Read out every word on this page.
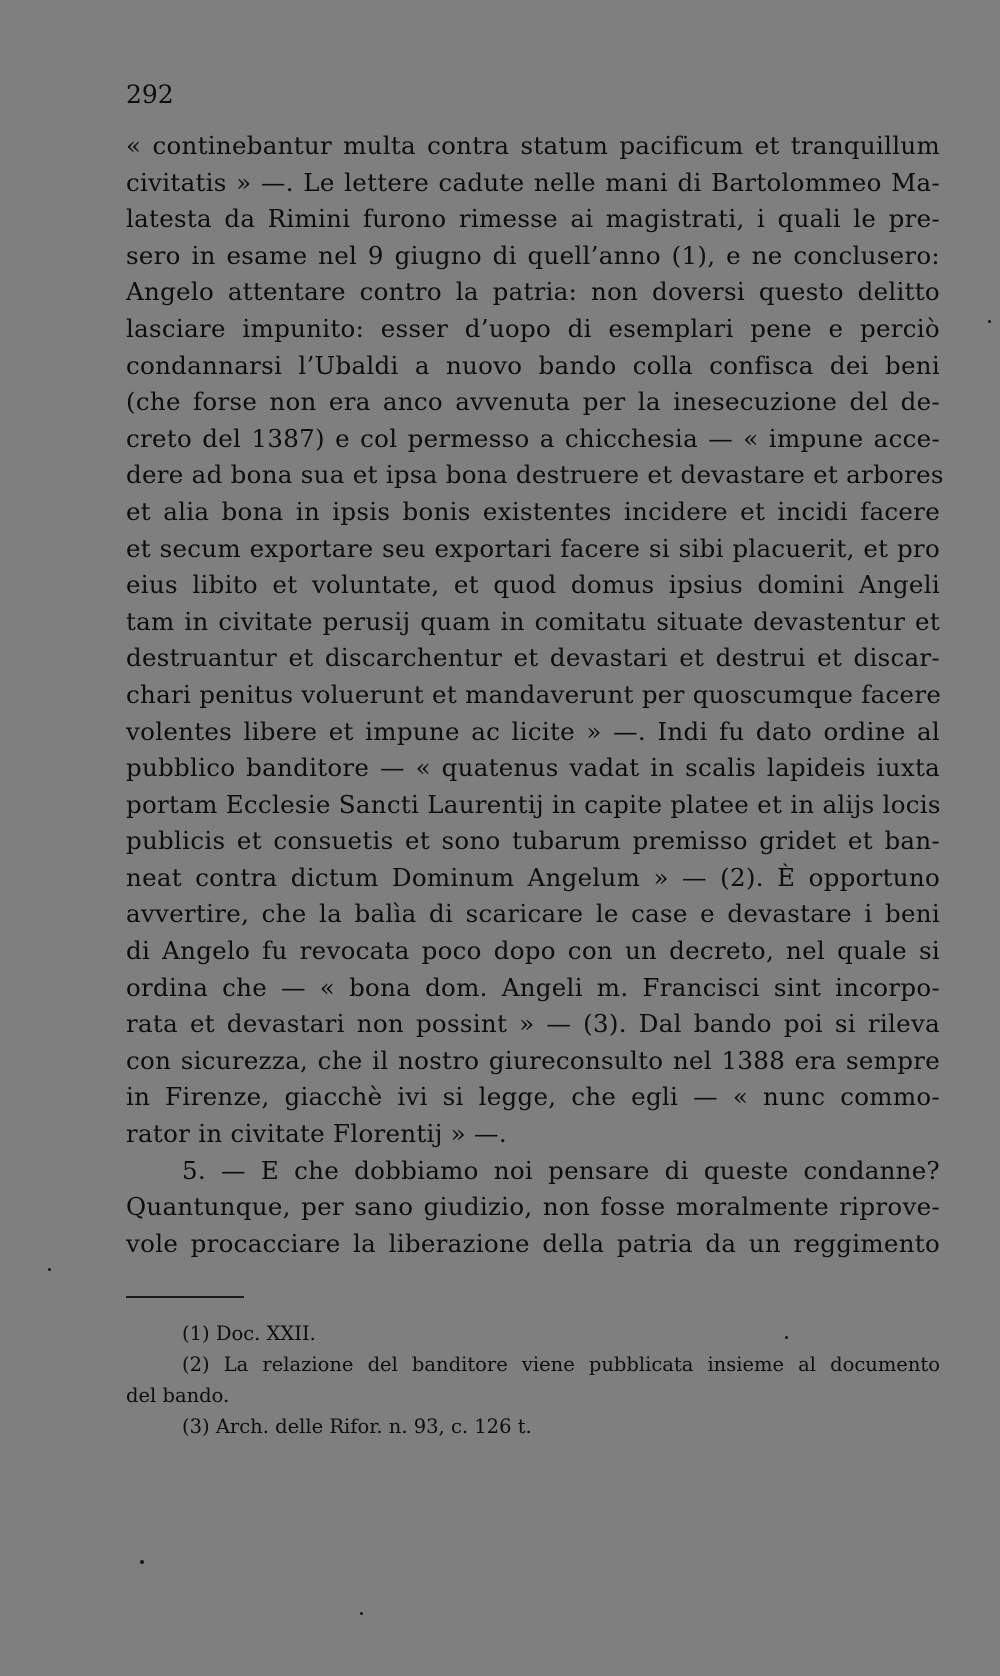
292
« continebantur multa contra statum pacificum et tranquillum
civitatis » —. Le lettere cadute nelle mani di Bartolommeo Ma-
latesta da Rimini furono rimesse ai magistrati, i quali le pre-
sero in esame nel 9 giugno di quell’anno (1), e ne conclusero:
Angelo attentare contro la patria: non doversi questo delitto
lasciare impunito: esser d’uopo di esemplari pene e perciò
condannarsi l’Ubaldi a nuovo bando colla confisca dei beni
(che forse non era anco avvenuta per la inesecuzione del de-
creto del 1387) e col permesso a chicchesia — « impune acce-
dere ad bona sua et ipsa bona destruere et devastare et arbores
et alia bona in ipsis bonis existentes incidere et incidi facere
et secum exportare seu exportari facere si sibi placuerit, et pro
eius libito et voluntate, et quod domus ipsius domini Angeli
tam in civitate perusij quam in comitatu situate devastentur et
destruantur et discarchentur et devastari et destrui et discar-
chari penitus voluerunt et mandaverunt per quoscumque facere
volentes libere et impune ac licite » —. Indi fu dato ordine al
pubblico banditore — « quatenus vadat in scalis lapideis iuxta
portam Ecclesie Sancti Laurentij in capite platee et in alijs locis
publicis et consuetis et sono tubarum premisso gridet et ban-
neat contra dictum Dominum Angelum » — (2). È opportuno
avvertire, che la balìa di scaricare le case e devastare i beni
di Angelo fu revocata poco dopo con un decreto, nel quale si
ordina che — « bona dom. Angeli m. Francisci sint incorpo-
rata et devastari non possint » — (3). Dal bando poi si rileva
con sicurezza, che il nostro giureconsulto nel 1388 era sempre
in Firenze, giacchè ivi si legge, che egli — « nunc commo-
rator in civitate Florentij » —.
5. — E che dobbiamo noi pensare di queste condanne?
Quantunque, per sano giudizio, non fosse moralmente riprove-
vole procacciare la liberazione della patria da un reggimento
(1) Doc. XXII.
(2) La relazione del banditore viene pubblicata insieme al documento
del bando.
(3) Arch. delle Rifor. n. 93, c. 126 t.
